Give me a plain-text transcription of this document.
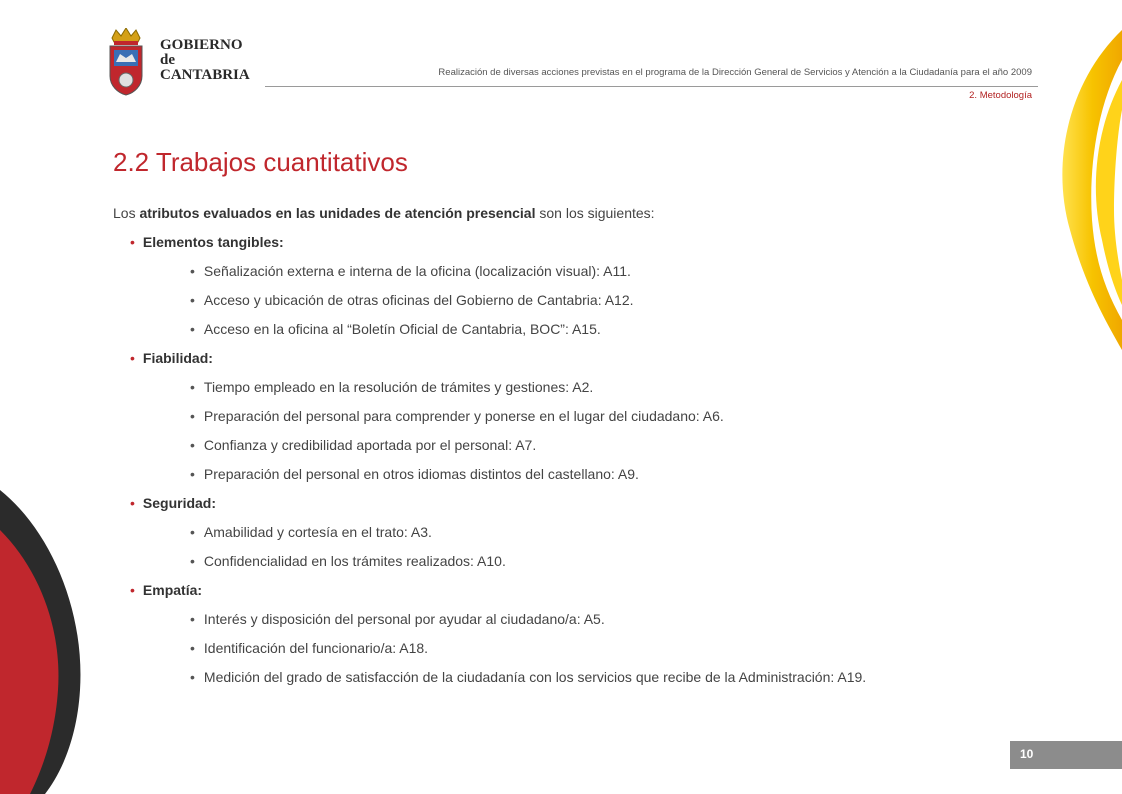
GOBIERNO
de
CANTABRIA	Realización de diversas acciones previstas en el programa de la Dirección General de Servicios y Atención a la Ciudadanía para el año 2009
2. Metodología
2.2 Trabajos cuantitativos
Los atributos evaluados en las unidades de atención presencial son los siguientes:
• Elementos tangibles:
• Señalización externa e interna de la oficina (localización visual): A11.
• Acceso y ubicación de otras oficinas del Gobierno de Cantabria: A12.
• Acceso en la oficina al “Boletín Oficial de Cantabria, BOC”: A15.
• Fiabilidad:
• Tiempo empleado en la resolución de trámites y gestiones: A2.
• Preparación del personal para comprender y ponerse en el lugar del ciudadano: A6.
• Confianza y credibilidad aportada por el personal: A7.
• Preparación del personal en otros idiomas distintos del castellano: A9.
• Seguridad:
• Amabilidad y cortesía en el trato: A3.
• Confidencialidad en los trámites realizados: A10.
• Empatía:
• Interés y disposición del personal por ayudar al ciudadano/a: A5.
• Identificación del funcionario/a: A18.
• Medición del grado de satisfacción de la ciudadanía con los servicios que recibe de la Administración: A19.
10
